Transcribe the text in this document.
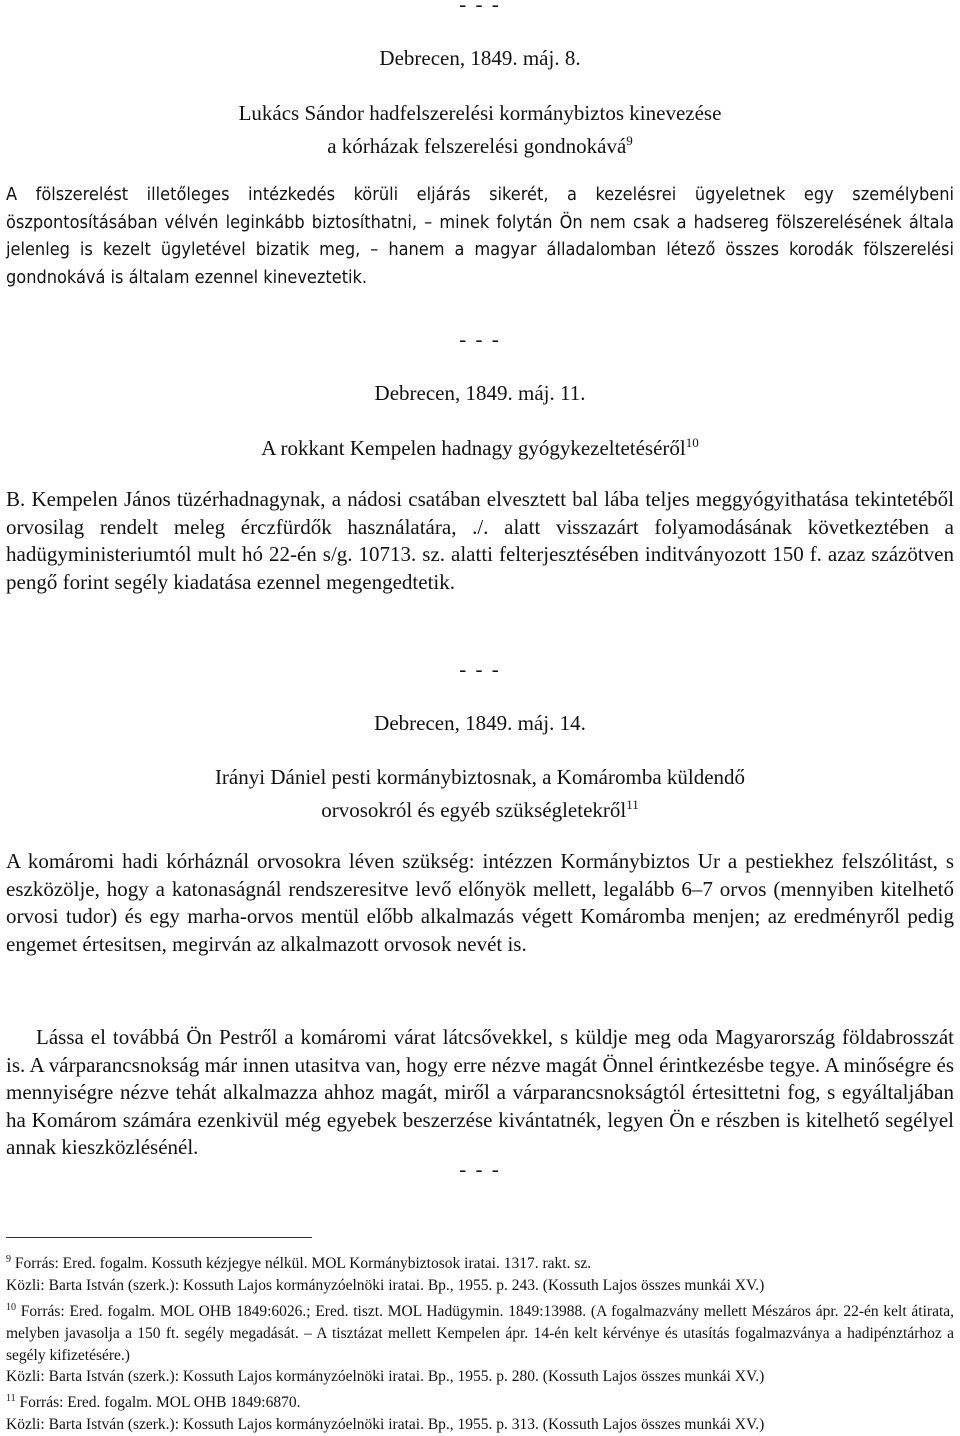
- - -
Debrecen, 1849. máj. 8.
Lukács Sándor hadfelszerelési kormánybiztos kinevezése
a kórházak felszerelési gondnokává$^9$

A fölszerelést illetőleges intézkedés körüli eljárás sikerét, a kezelésrei ügyeletnek egy személybeni öszpontosításában vélvén leginkább biztosíthatni, – minek folytán Ön nem csak a hadsereg fölszerelésének általa jelenleg is kezelt ügyletével bizatik meg, – hanem a magyar álladalomban létező összes korodák fölszerelési gondnokává is általam ezennel kineveztetik.

- - -
Debrecen, 1849. máj. 11.
A rokkant Kempelen hadnagy gyógykezeltetéséről$^{10}$

B. Kempelen János tüzérhadnagynak, a nádosi csatában elvesztett bal lába teljes meggyógyithatása tekintetéből orvosilag rendelt meleg érczfürdők használatára, ./. alatt visszazárt folyamodásának következtében a hadügyministeriumtól mult hó 22-én s/g. 10713. sz. alatti felterjesztésében inditványozott 150 f. azaz százötven pengő forint segély kiadatása ezennel megengedtetik.

- - -
Debrecen, 1849. máj. 14.
Irányi Dániel pesti kormánybiztosnak, a Komáromba küldendő
orvosokról és egyéb szükségletekről$^{11}$

A komáromi hadi kórháznál orvosokra léven szükség: intézzen Kormánybiztos Ur a pestiekhez felszólitást, s eszközölje, hogy a katonaságnál rendszeresitve levő előnyök mellett, legalább 6–7 orvos (mennyiben kitelhető orvosi tudor) és egy marha-orvos mentül előbb alkalmazás végett Komáromba menjen; az eredményről pedig engemet értesitsen, megirván az alkalmazott orvosok nevét is.

Lássa el továbbá Ön Pestről a komáromi várat látcsővekkel, s küldje meg oda Magyarország földabrosszát is. A várparancsnokság már innen utasitva van, hogy erre nézve magát Önnel érintkezésbe tegye. A minőségre és mennyiségre nézve tehát alkalmazza ahhoz magát, miről a várparancsnokságtól értesittetni fog, s egyáltaljában ha Komárom számára ezenkivül még egyebek beszerzése kivántatnék, legyen Ön e részben is kitelhető segélyel annak kieszközlésénél.

- - -

$^9$ Forrás: Ered. fogalm. Kossuth kézjegye nélkül. MOL Kormánybiztosok iratai. 1317. rakt. sz.

Közli: Barta István (szerk.): Kossuth Lajos kormányzóelnöki iratai. Bp., 1955. p. 243. (Kossuth Lajos összes munkái XV.)

$^{10}$ Forrás: Ered. fogalm. MOL OHB 1849:6026.; Ered. tiszt. MOL Hadügymin. 1849:13988. (A fogalmazvány mellett Mészáros ápr. 22-én kelt átirata, melyben javasolja a 150 ft. segély megadását. – A tisztázat mellett Kempelen ápr. 14-én kelt kérvénye és utasítás fogalmazványa a hadipénztárhoz a segély kifizetésére.)

Közli: Barta István (szerk.): Kossuth Lajos kormányzóelnöki iratai. Bp., 1955. p. 280. (Kossuth Lajos összes munkái XV.)

$^{11}$ Forrás: Ered. fogalm. MOL OHB 1849:6870.

Közli: Barta István (szerk.): Kossuth Lajos kormányzóelnöki iratai. Bp., 1955. p. 313. (Kossuth Lajos összes munkái XV.)
